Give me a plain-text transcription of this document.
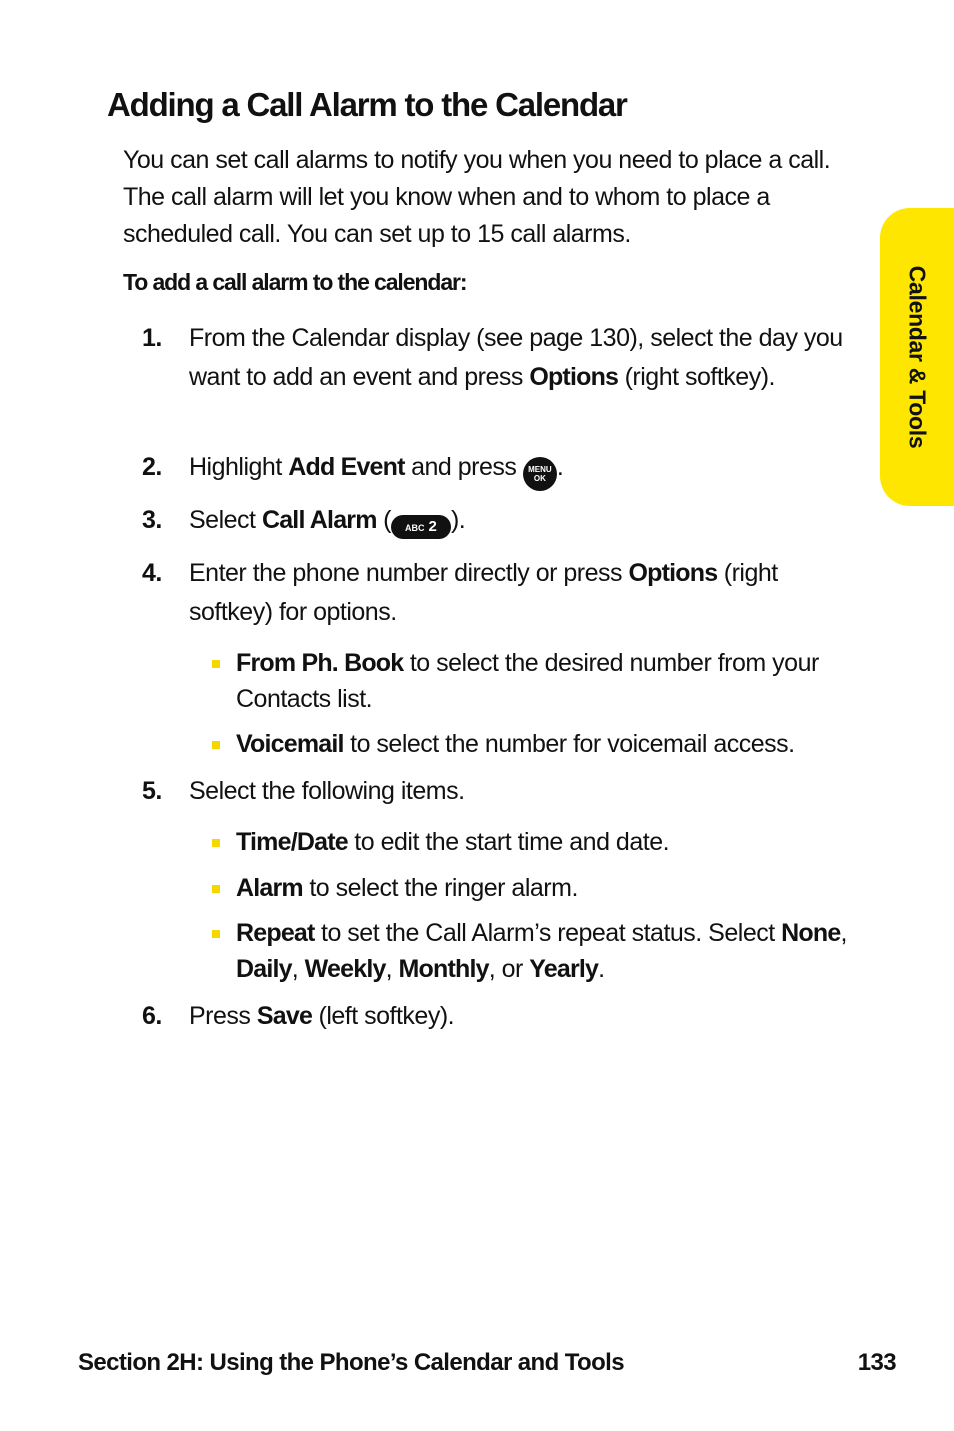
Adding a Call Alarm to the Calendar

You can set call alarms to notify you when you need to place a call. The call alarm will let you know when and to whom to place a scheduled call. You can set up to 15 call alarms.

To add a call alarm to the calendar:

1. From the Calendar display (see page 130), select the day you want to add an event and press Options (right softkey).
2. Highlight Add Event and press MENU
OK .
3. Select Call Alarm ( ABC 2 ).
4. Enter the phone number directly or press Options (right softkey) for options.
From Ph. Book to select the desired number from your Contacts list.
Voicemail to select the number for voicemail access.
5. Select the following items.
Time/Date to edit the start time and date.
Alarm to select the ringer alarm.
Repeat to set the Call Alarm’s repeat status. Select None, Daily, Weekly, Monthly, or Yearly.
6. Press Save (left softkey).
Calendar & Tools
Section 2H: Using the Phone’s Calendar and Tools	133
